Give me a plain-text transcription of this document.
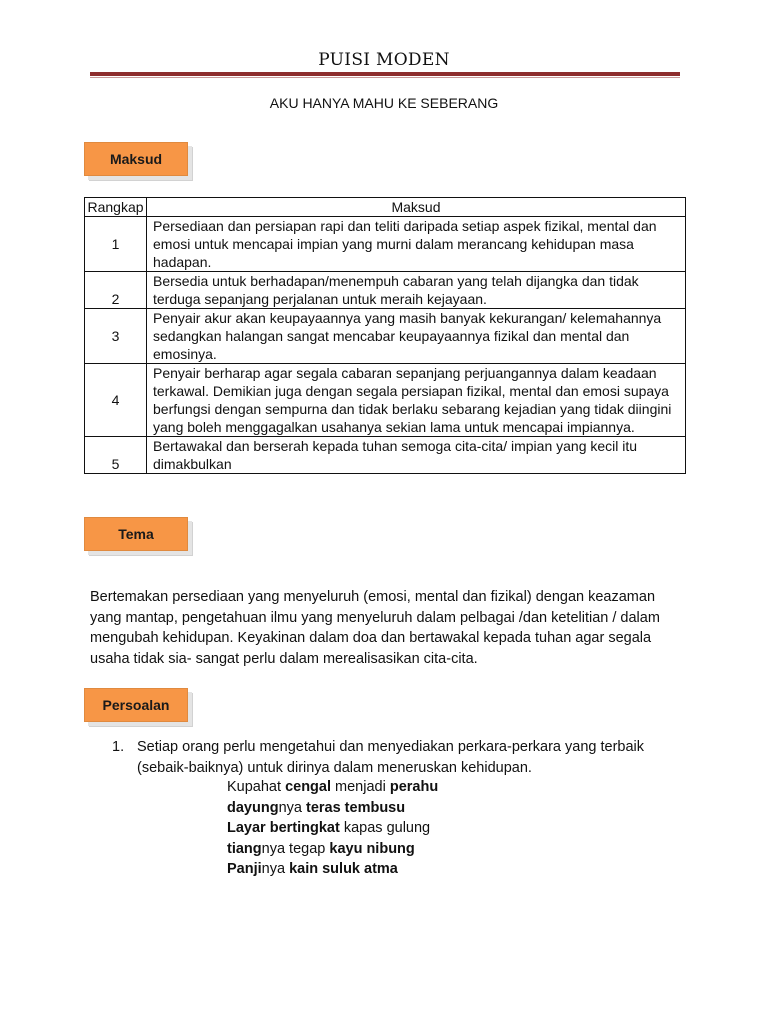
PUISI MODEN
AKU HANYA MAHU KE SEBERANG
Maksud
Rangkap	Maksud
1	Persediaan dan persiapan rapi dan teliti daripada setiap aspek fizikal, mental dan emosi untuk mencapai impian yang murni dalam merancang kehidupan masa hadapan.
2	Bersedia untuk berhadapan/menempuh cabaran yang telah dijangka dan tidak terduga sepanjang perjalanan untuk meraih kejayaan.
3	Penyair akur akan keupayaannya yang masih banyak kekurangan/ kelemahannya sedangkan halangan sangat mencabar keupayaannya fizikal dan mental dan emosinya.
4	Penyair berharap agar segala cabaran sepanjang perjuangannya dalam keadaan terkawal. Demikian juga dengan segala persiapan fizikal, mental dan emosi supaya berfungsi dengan sempurna dan tidak berlaku sebarang kejadian yang tidak diingini yang boleh menggagalkan usahanya sekian lama untuk mencapai impiannya.
5	Bertawakal dan berserah kepada tuhan semoga cita-cita/ impian yang kecil itu dimakbulkan
Tema
Bertemakan persediaan yang menyeluruh (emosi, mental dan fizikal) dengan keazaman yang mantap, pengetahuan ilmu yang menyeluruh dalam pelbagai /dan ketelitian / dalam mengubah kehidupan. Keyakinan dalam doa dan bertawakal kepada tuhan agar segala usaha tidak sia- sangat perlu dalam merealisasikan cita-cita.
Persoalan
1. Setiap orang perlu mengetahui dan menyediakan perkara-perkara yang terbaik (sebaik-baiknya) untuk dirinya dalam meneruskan kehidupan.
Kupahat cengal menjadi perahu
dayungnya teras tembusu
Layar bertingkat kapas gulung
tiangnya tegap kayu nibung
Panjinya kain suluk atma
